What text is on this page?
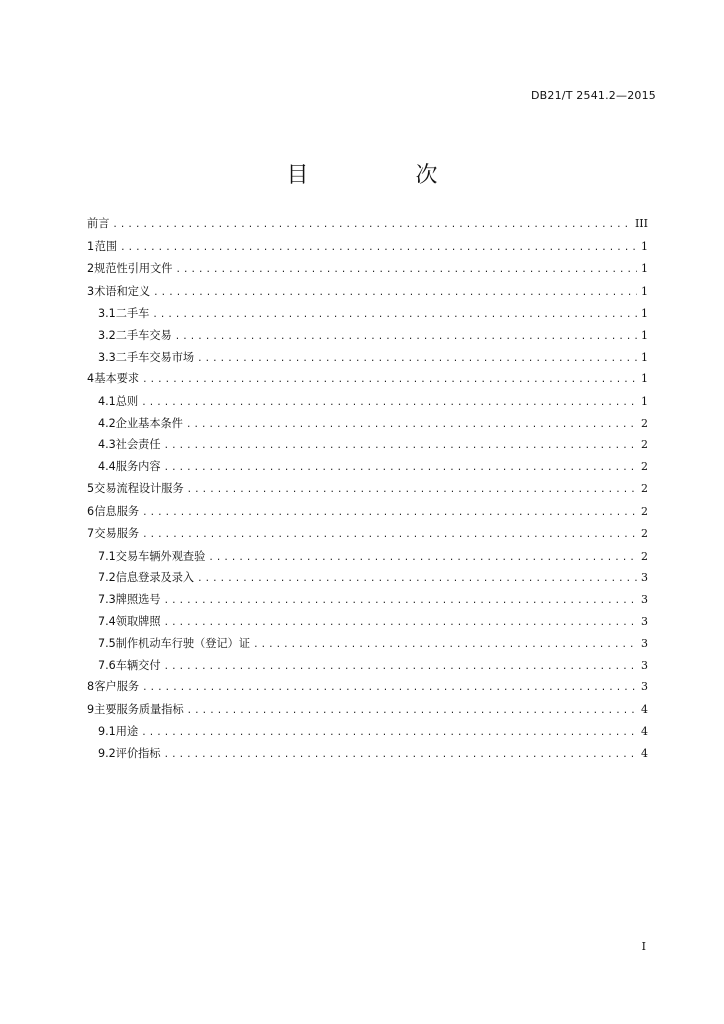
DB21/T 2541.2—2015
目 次
前言 .....	III
1 范围 .....	1
2 规范性引用文件 .....	1
3 术语和定义 .....	1
3.1 二手车 .....	1
3.2 二手车交易 .....	1
3.3 二手车交易市场 .....	1
4 基本要求 .....	1
4.1 总则 .....	1
4.2 企业基本条件 .....	2
4.3 社会责任 .....	2
4.4 服务内容 .....	2
5 交易流程设计服务 .....	2
6 信息服务 .....	2
7 交易服务 .....	2
7.1 交易车辆外观查验 .....	2
7.2 信息登录及录入 .....	3
7.3 牌照选号 .....	3
7.4 领取牌照 .....	3
7.5 制作机动车行驶（登记）证 .....	3
7.6 车辆交付 .....	3
8 客户服务 .....	3
9 主要服务质量指标 .....	4
9.1 用途 .....	4
9.2 评价指标 .....	4
I
